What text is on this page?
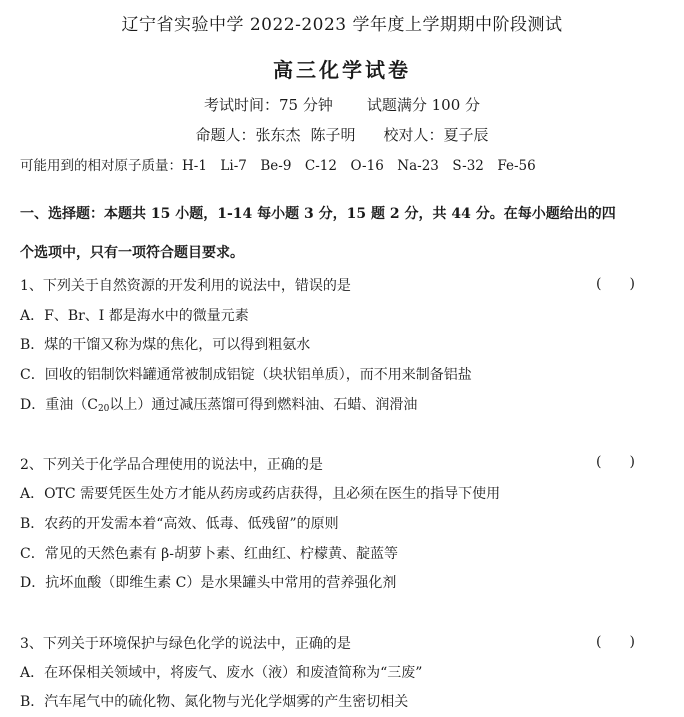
辽宁省实验中学 2022-2023 学年度上学期期中阶段测试
高三化学试卷
考试时间：75 分钟 试题满分 100 分
命题人：张东杰 陈子明 校对人：夏子辰
可能用到的相对原子质量：H-1　Li-7　Be-9　C-12　O-16　Na-23　S-32　Fe-56
一、选择题：本题共 15 小题，1-14 每小题 3 分，15 题 2 分，共 44 分。在每小题给出的四
个选项中，只有一项符合题目要求。
1、下列关于自然资源的开发利用的说法中，错误的是	(　　)
A．F、Br、I 都是海水中的微量元素
B．煤的干馏又称为煤的焦化，可以得到粗氨水
C．回收的铝制饮料罐通常被制成铝锭（块状铝单质），而不用来制备铝盐
D．重油（$C_{20}$以上）通过减压蒸馏可得到燃料油、石蜡、润滑油
2、下列关于化学品合理使用的说法中，正确的是	(　　)
A．OTC 需要凭医生处方才能从药房或药店获得，且必须在医生的指导下使用
B．农药的开发需本着“高效、低毒、低残留”的原则
C．常见的天然色素有 β-胡萝卜素、红曲红、柠檬黄、靛蓝等
D．抗坏血酸（即维生素 C）是水果罐头中常用的营养强化剂
3、下列关于环境保护与绿色化学的说法中，正确的是	(　　)
A．在环保相关领域中，将废气、废水（液）和废渣简称为“三废”
B．汽车尾气中的硫化物、氮化物与光化学烟雾的产生密切相关
